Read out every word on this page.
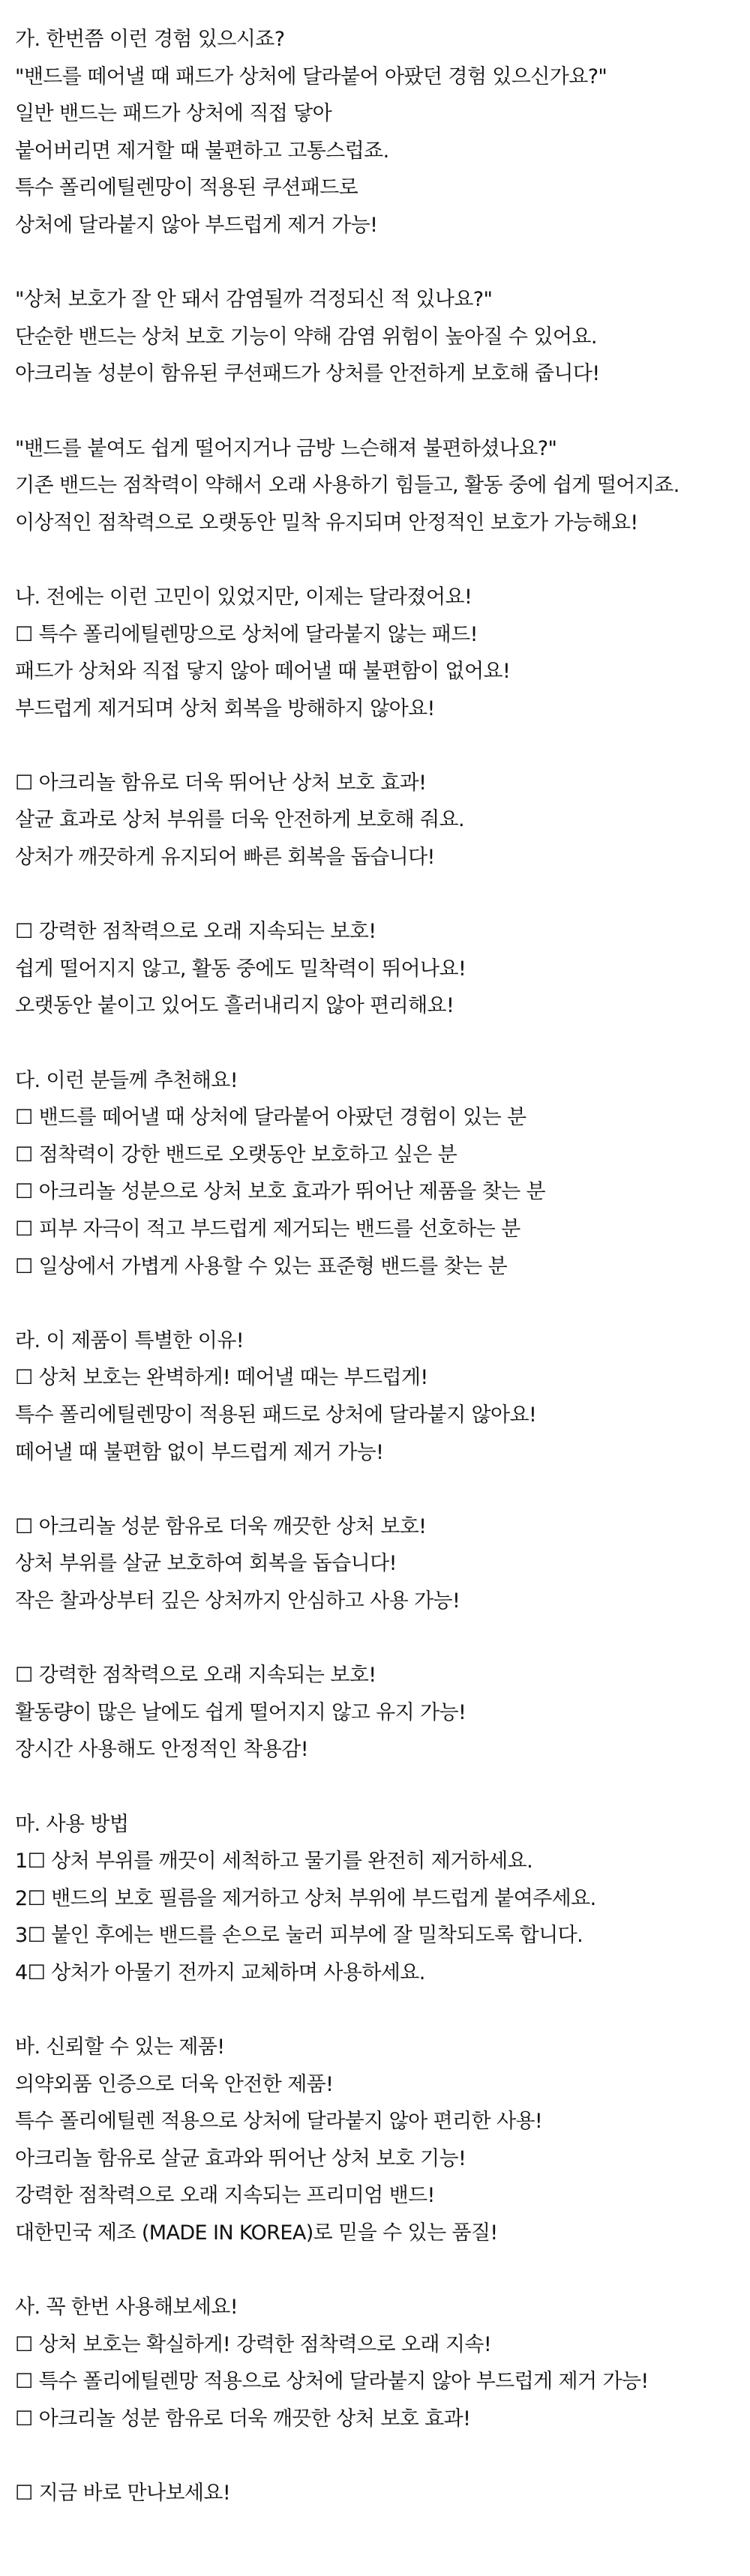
가. 한번쯤 이런 경험 있으시죠?
"밴드를 떼어낼 때 패드가 상처에 달라붙어 아팠던 경험 있으신가요?"
일반 밴드는 패드가 상처에 직접 닿아
붙어버리면 제거할 때 불편하고 고통스럽죠.
특수 폴리에틸렌망이 적용된 쿠션패드로
상처에 달라붙지 않아 부드럽게 제거 가능!
"상처 보호가 잘 안 돼서 감염될까 걱정되신 적 있나요?"
단순한 밴드는 상처 보호 기능이 약해 감염 위험이 높아질 수 있어요.
아크리놀 성분이 함유된 쿠션패드가 상처를 안전하게 보호해 줍니다!
"밴드를 붙여도 쉽게 떨어지거나 금방 느슨해져 불편하셨나요?"
기존 밴드는 점착력이 약해서 오래 사용하기 힘들고, 활동 중에 쉽게 떨어지죠.
이상적인 점착력으로 오랫동안 밀착 유지되며 안정적인 보호가 가능해요!
나. 전에는 이런 고민이 있었지만, 이제는 달라졌어요!
☐ 특수 폴리에틸렌망으로 상처에 달라붙지 않는 패드!
패드가 상처와 직접 닿지 않아 떼어낼 때 불편함이 없어요!
부드럽게 제거되며 상처 회복을 방해하지 않아요!
☐ 아크리놀 함유로 더욱 뛰어난 상처 보호 효과!
살균 효과로 상처 부위를 더욱 안전하게 보호해 줘요.
상처가 깨끗하게 유지되어 빠른 회복을 돕습니다!
☐ 강력한 점착력으로 오래 지속되는 보호!
쉽게 떨어지지 않고, 활동 중에도 밀착력이 뛰어나요!
오랫동안 붙이고 있어도 흘러내리지 않아 편리해요!
다. 이런 분들께 추천해요!
☐ 밴드를 떼어낼 때 상처에 달라붙어 아팠던 경험이 있는 분
☐ 점착력이 강한 밴드로 오랫동안 보호하고 싶은 분
☐ 아크리놀 성분으로 상처 보호 효과가 뛰어난 제품을 찾는 분
☐ 피부 자극이 적고 부드럽게 제거되는 밴드를 선호하는 분
☐ 일상에서 가볍게 사용할 수 있는 표준형 밴드를 찾는 분
라. 이 제품이 특별한 이유!
☐ 상처 보호는 완벽하게! 떼어낼 때는 부드럽게!
특수 폴리에틸렌망이 적용된 패드로 상처에 달라붙지 않아요!
떼어낼 때 불편함 없이 부드럽게 제거 가능!
☐ 아크리놀 성분 함유로 더욱 깨끗한 상처 보호!
상처 부위를 살균 보호하여 회복을 돕습니다!
작은 찰과상부터 깊은 상처까지 안심하고 사용 가능!
☐ 강력한 점착력으로 오래 지속되는 보호!
활동량이 많은 날에도 쉽게 떨어지지 않고 유지 가능!
장시간 사용해도 안정적인 착용감!
마. 사용 방법
1☐ 상처 부위를 깨끗이 세척하고 물기를 완전히 제거하세요.
2☐ 밴드의 보호 필름을 제거하고 상처 부위에 부드럽게 붙여주세요.
3☐ 붙인 후에는 밴드를 손으로 눌러 피부에 잘 밀착되도록 합니다.
4☐ 상처가 아물기 전까지 교체하며 사용하세요.
바. 신뢰할 수 있는 제품!
의약외품 인증으로 더욱 안전한 제품!
특수 폴리에틸렌 적용으로 상처에 달라붙지 않아 편리한 사용!
아크리놀 함유로 살균 효과와 뛰어난 상처 보호 기능!
강력한 점착력으로 오래 지속되는 프리미엄 밴드!
대한민국 제조 (MADE IN KOREA)로 믿을 수 있는 품질!
사. 꼭 한번 사용해보세요!
☐ 상처 보호는 확실하게! 강력한 점착력으로 오래 지속!
☐ 특수 폴리에틸렌망 적용으로 상처에 달라붙지 않아 부드럽게 제거 가능!
☐ 아크리놀 성분 함유로 더욱 깨끗한 상처 보호 효과!
☐ 지금 바로 만나보세요!
